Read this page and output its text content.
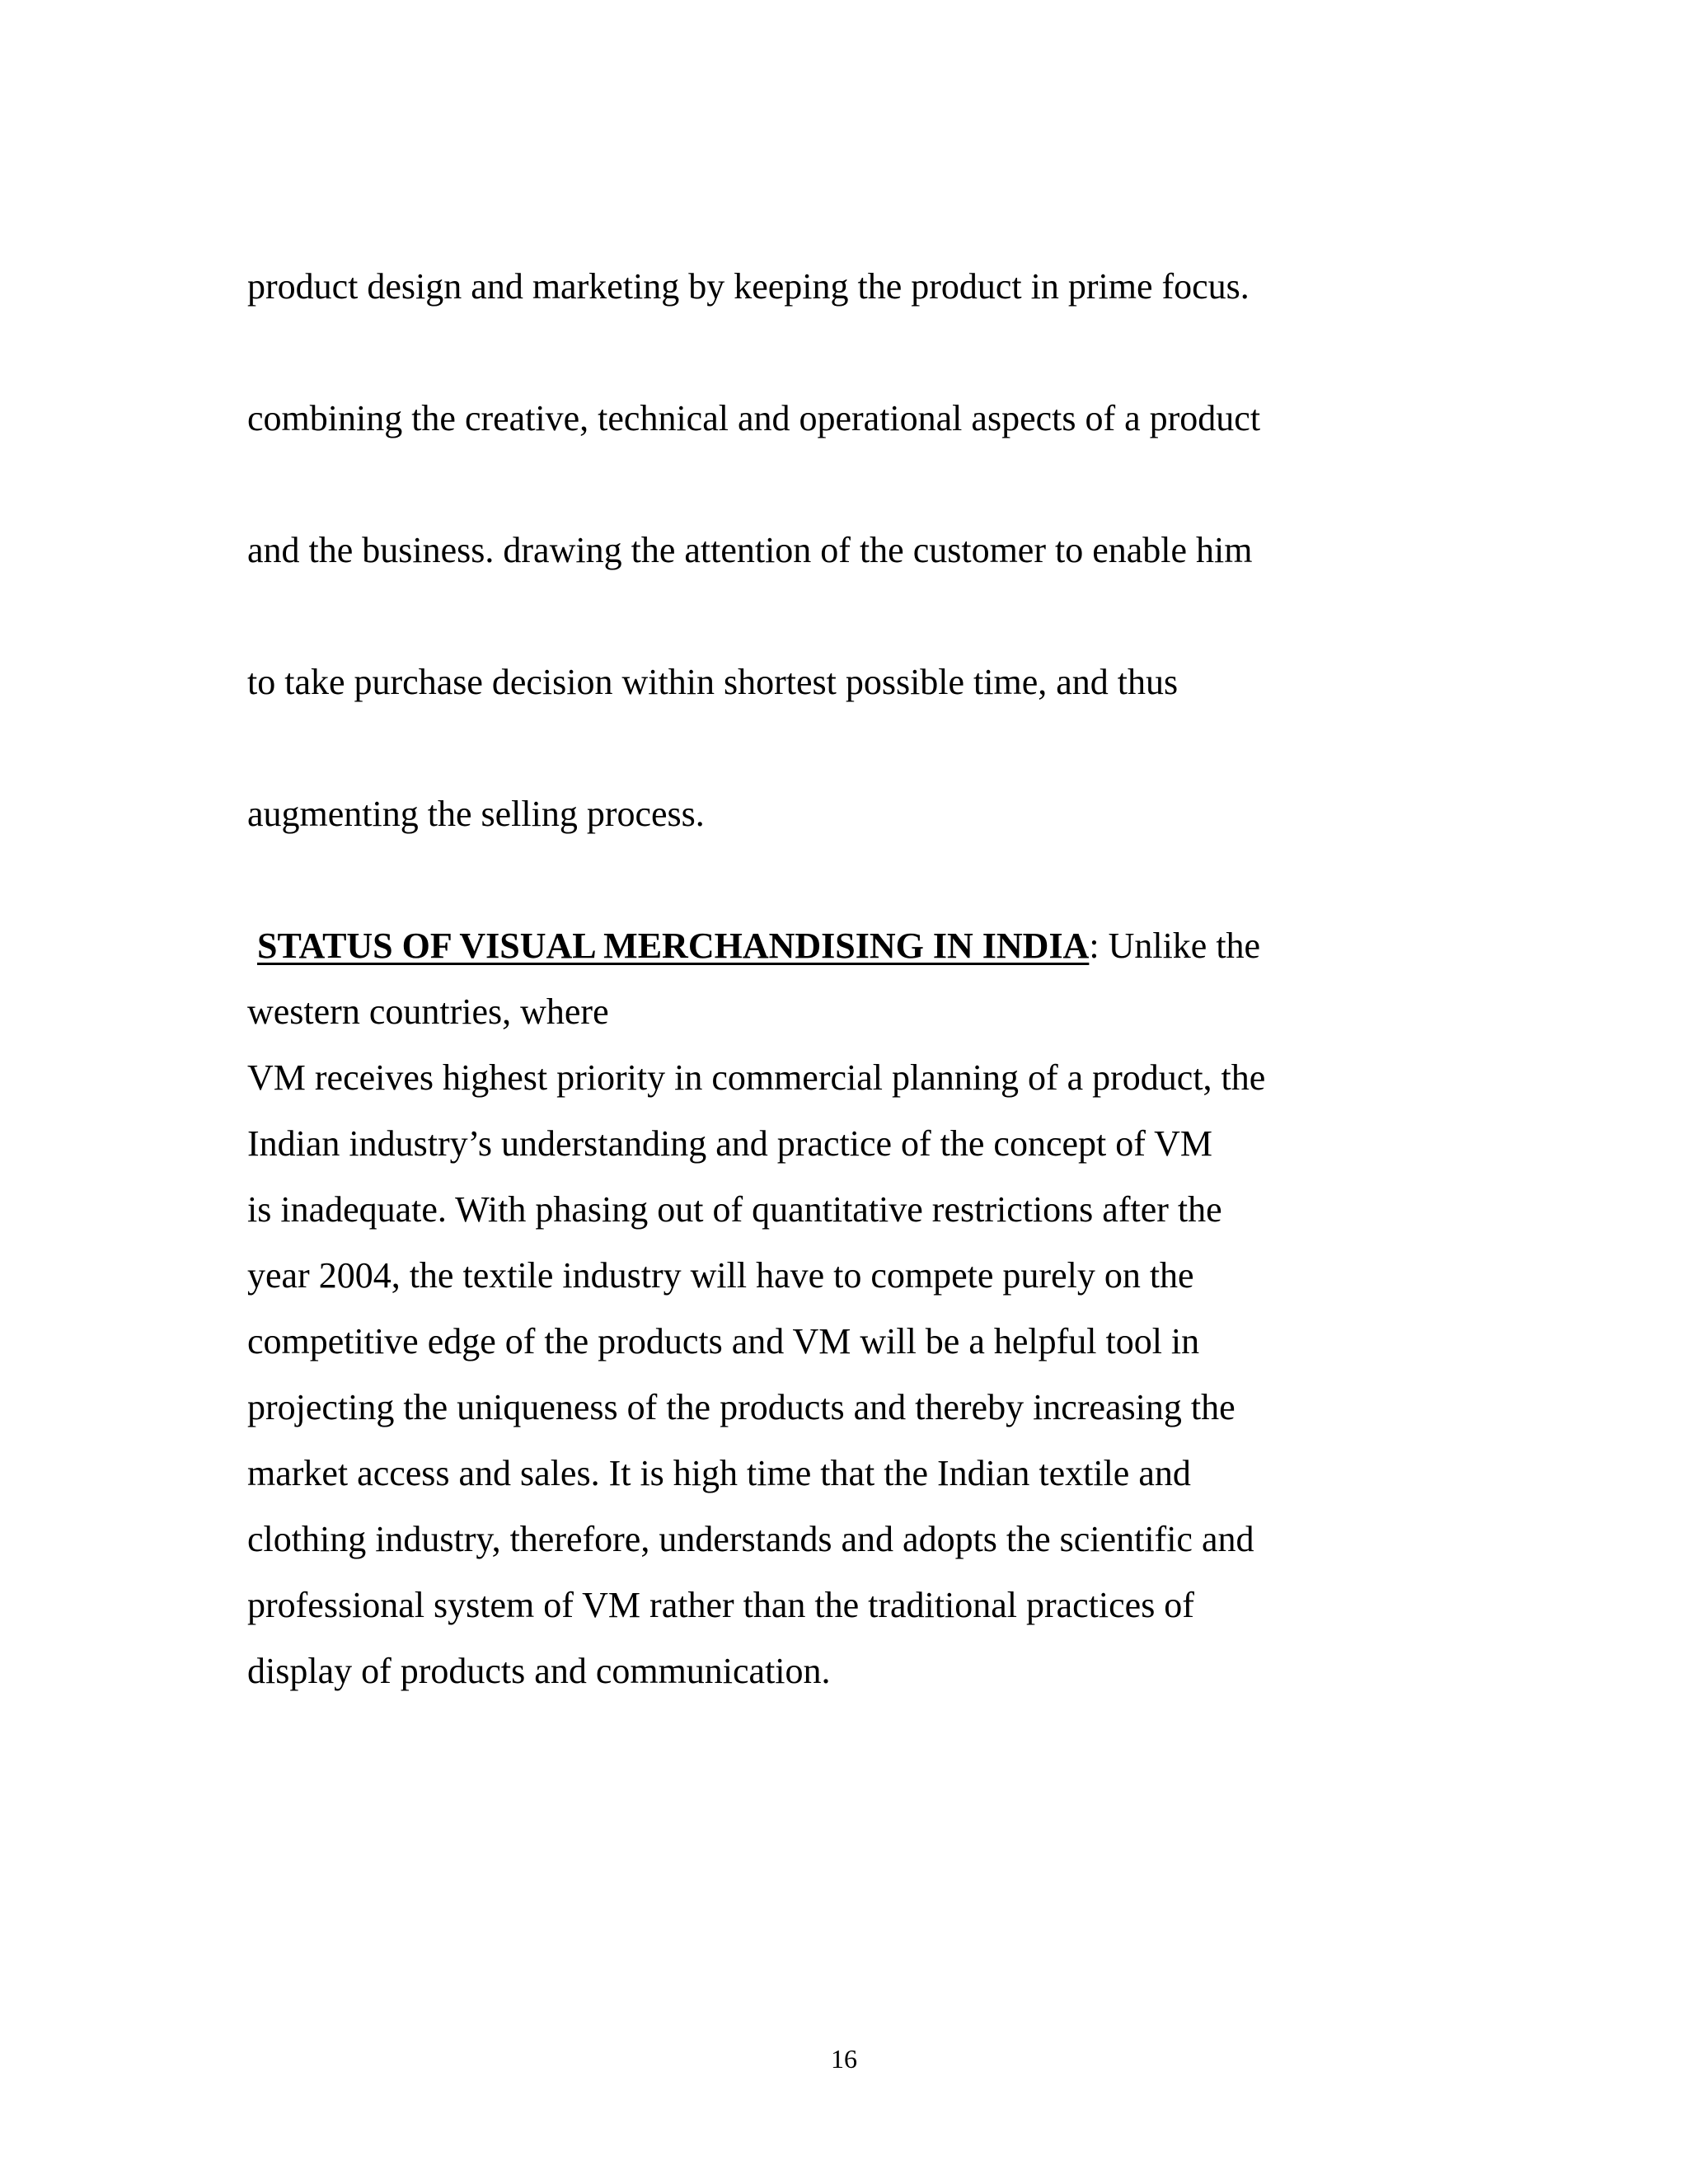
product design and marketing by keeping the product in prime focus.
combining the creative, technical and operational aspects of a product
and the business. drawing the attention of the customer to enable him
to take purchase decision within shortest possible time, and thus
augmenting the selling process.
STATUS OF VISUAL MERCHANDISING IN INDIA: Unlike the
western countries, where
VM receives highest priority in commercial planning of a product, the
Indian industry’s understanding and practice of the concept of VM
is inadequate. With phasing out of quantitative restrictions after the
year 2004, the textile industry will have to compete purely on the
competitive edge of the products and VM will be a helpful tool in
projecting the uniqueness of the products and thereby increasing the
market access and sales. It is high time that the Indian textile and
clothing industry, therefore, understands and adopts the scientific and
professional system of VM rather than the traditional practices of
display of products and communication.
16
